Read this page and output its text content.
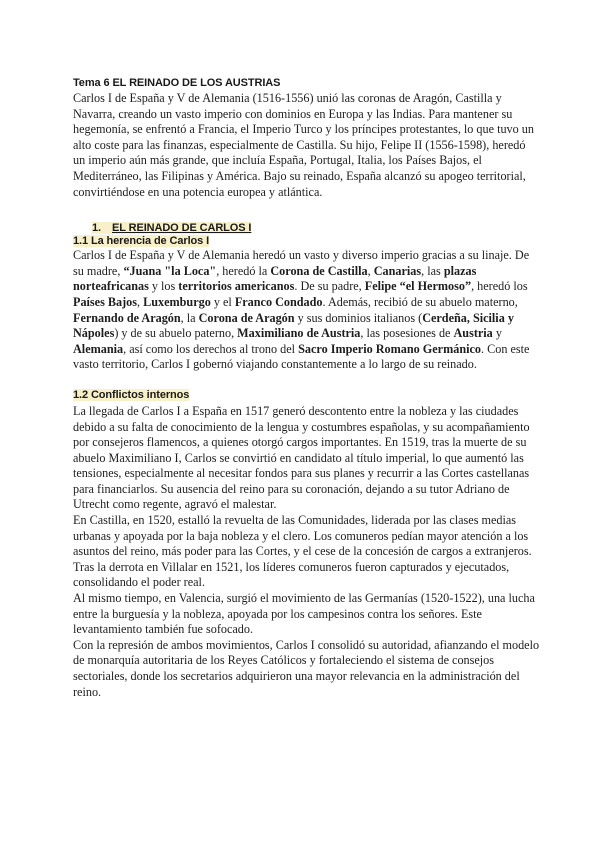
Tema 6 EL REINADO DE LOS AUSTRIAS

Carlos I de España y V de Alemania (1516-1556) unió las coronas de Aragón, Castilla y Navarra, creando un vasto imperio con dominios en Europa y las Indias. Para mantener su hegemonía, se enfrentó a Francia, el Imperio Turco y los príncipes protestantes, lo que tuvo un alto coste para las finanzas, especialmente de Castilla. Su hijo, Felipe II (1556-1598), heredó un imperio aún más grande, que incluía España, Portugal, Italia, los Países Bajos, el Mediterráneo, las Filipinas y América. Bajo su reinado, España alcanzó su apogeo territorial, convirtiéndose en una potencia europea y atlántica.

1. EL REINADO DE CARLOS I
1.1 La herencia de Carlos I

Carlos I de España y V de Alemania heredó un vasto y diverso imperio gracias a su linaje. De su madre, “Juana "la Loca", heredó la Corona de Castilla, Canarias, las plazas norteafricanas y los territorios americanos. De su padre, Felipe “el Hermoso”, heredó los Países Bajos, Luxemburgo y el Franco Condado. Además, recibió de su abuelo materno, Fernando de Aragón, la Corona de Aragón y sus dominios italianos (Cerdeña, Sicilia y Nápoles) y de su abuelo paterno, Maximiliano de Austria, las posesiones de Austria y Alemania, así como los derechos al trono del Sacro Imperio Romano Germánico. Con este vasto territorio, Carlos I gobernó viajando constantemente a lo largo de su reinado.

1.2 Conflictos internos

La llegada de Carlos I a España en 1517 generó descontento entre la nobleza y las ciudades debido a su falta de conocimiento de la lengua y costumbres españolas, y su acompañamiento por consejeros flamencos, a quienes otorgó cargos importantes. En 1519, tras la muerte de su abuelo Maximiliano I, Carlos se convirtió en candidato al título imperial, lo que aumentó las tensiones, especialmente al necesitar fondos para sus planes y recurrir a las Cortes castellanas para financiarlos. Su ausencia del reino para su coronación, dejando a su tutor Adriano de Utrecht como regente, agravó el malestar.

En Castilla, en 1520, estalló la revuelta de las Comunidades, liderada por las clases medias urbanas y apoyada por la baja nobleza y el clero. Los comuneros pedían mayor atención a los asuntos del reino, más poder para las Cortes, y el cese de la concesión de cargos a extranjeros. Tras la derrota en Villalar en 1521, los líderes comuneros fueron capturados y ejecutados, consolidando el poder real.

Al mismo tiempo, en Valencia, surgió el movimiento de las Germanías (1520-1522), una lucha entre la burguesía y la nobleza, apoyada por los campesinos contra los señores. Este levantamiento también fue sofocado.

Con la represión de ambos movimientos, Carlos I consolidó su autoridad, afianzando el modelo de monarquía autoritaria de los Reyes Católicos y fortaleciendo el sistema de consejos sectoriales, donde los secretarios adquirieron una mayor relevancia en la administración del reino.
